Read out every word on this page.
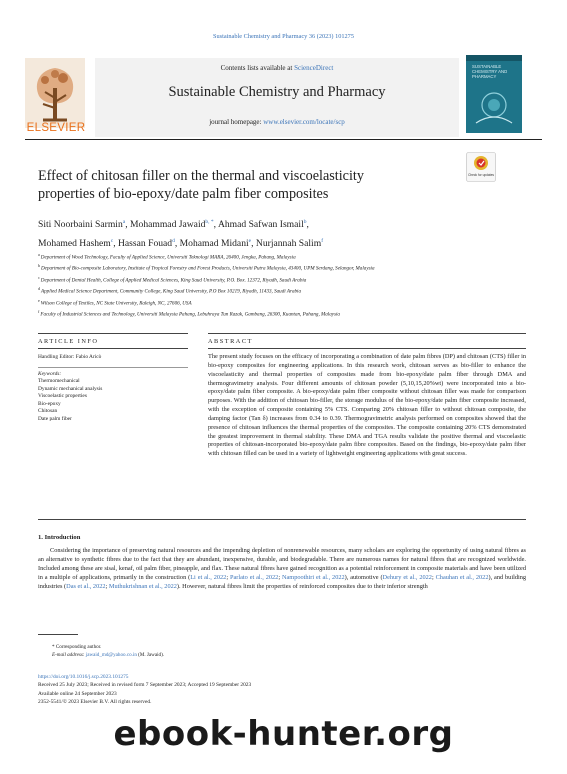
Sustainable Chemistry and Pharmacy 36 (2023) 101275
ELSEVIER
Contents lists available at ScienceDirect
Sustainable Chemistry and Pharmacy
journal homepage: www.elsevier.com/locate/scp
SUSTAINABLE CHEMISTRY AND PHARMACY
Effect of chitosan filler on the thermal and viscoelasticity
properties of bio-epoxy/date palm fiber composites
Check for updates
Siti Noorbaini Sarmin$^a$, Mohammad Jawaid$^{b, *}$, Ahmad Safwan Ismail$^b$,
Mohamed Hashem$^c$, Hassan Fouad$^d$, Mohamad Midani$^e$, Nurjannah Salim$^f$
$^a$ Department of Wood Technology, Faculty of Applied Science, Universiti Teknologi MARA, 26400, Jengka, Pahang, Malaysia
$^b$ Department of Bio-composite Laboratory, Institute of Tropical Forestry and Forest Products, Universiti Putra Malaysia, 43400, UPM Serdang, Selangor, Malaysia
$^c$ Department of Dental Health, College of Applied Medical Sciences, King Saud University, P.O. Box. 12372, Riyadh, Saudi Arabia
$^d$ Applied Medical Science Department, Community College, King Saud University, P.O Box 10219, Riyadh, 11433, Saudi Arabia
$^e$ Wilson College of Textiles, NC State University, Raleigh, NC, 27606, USA
$^f$ Faculty of Industrial Sciences and Technology, Universiti Malaysia Pahang, Lebuhraya Tun Razak, Gambang, 26300, Kuantan, Pahang, Malaysia
ARTICLE INFO	ABSTRACT
Handling Editor: Fabio Aricò
Keywords:
Thermomechanical
Dynamic mechanical analysis
Viscoelastic properties
Bio-epoxy
Chitosan
Date palm fiber
The present study focuses on the efficacy of incorporating a combination of date palm fibres (DP) and chitosan (CTS) filler in bio-epoxy composites for engineering applications. In this research work, chitosan serves as bio-filler to enhance the viscoelasticity and thermal properties of composites made from bio-epoxy/date palm fiber through DMA and thermogravimetry analysis. Four different amounts of chitosan powder (5,10,15,20%wt) were incorporated into a bio-epoxy/date palm fiber composite. A bio-epoxy/date palm fiber composite without chitosan filler was made for comparison purposes. With the addition of chitosan bio-filler, the storage modulus of the bio-epoxy/date palm fiber composite increased, with the exception of composite containing 5% CTS. Comparing 20% chitosan filler to without chitosan composite, the damping factor (Tan δ) increases from 0.34 to 0.39. Thermogravimetric analysis performed on composites showed that the presence of chitosan influences the thermal properties of the composites. The composite containing 20% CTS demonstrated the greatest improvement in thermal stability. These DMA and TGA results validate the positive thermal and viscoelastic properties of chitosan-incorporated bio-epoxy/date palm fibre composites. Based on the findings, bio-epoxy/date palm fiber with chitosan filled can be used in a variety of lightweight engineering applications with great success.
1. Introduction

Considering the importance of preserving natural resources and the impending depletion of nonrenewable resources, many scholars are exploring the opportunity of using natural fibres as an alternative to synthetic fibres due to the fact that they are abundant, inexpensive, durable, and biodegradable. There are numerous names for natural fibres that are recognized worldwide. Included among these are sisal, kenaf, oil palm fiber, pineapple, and flax. These natural fibres have gained recognition as a potential reinforcement in composite materials and have been utilized in a multiple of applications, primarily in the construction (Li et al., 2022; Parlato et al., 2022; Nampoothiri et al., 2022), automotive (Dehury et al., 2022; Chauhan et al., 2022), and building industries (Das et al., 2022; Muthukrishnan et al., 2022). However, natural fibres limit the properties of reinforced composites due to their inferior strength

* Corresponding author.
E-mail address: jawaid_md@yahoo.co.in (M. Jawaid).
https://doi.org/10.1016/j.scp.2023.101275
Received 25 July 2023; Received in revised form 7 September 2023; Accepted 19 September 2023
Available online 24 September 2023
2352-5541/© 2023 Elsevier B.V. All rights reserved.
ebook-hunter.org
